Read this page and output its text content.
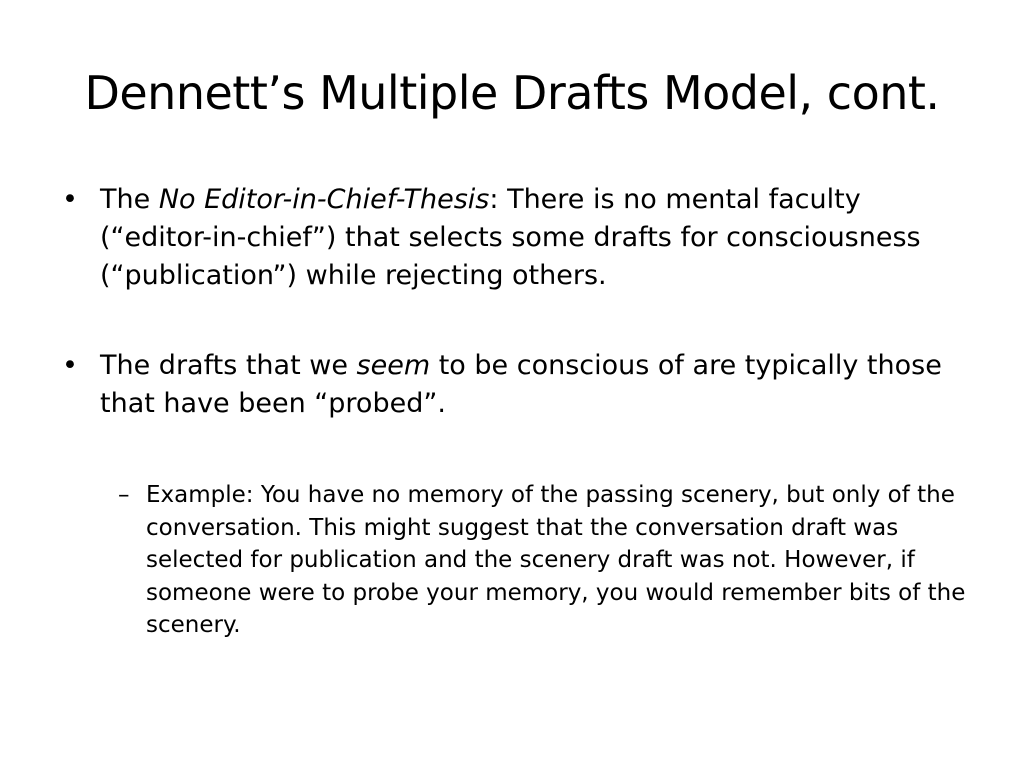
Dennett’s Multiple Drafts Model, cont.
• The No Editor-in-Chief-Thesis: There is no mental faculty (“editor-in-chief”) that selects some drafts for consciousness (“publication”) while rejecting others.
• The drafts that we seem to be conscious of are typically those that have been “probed”.
– Example: You have no memory of the passing scenery, but only of the conversation. This might suggest that the conversation draft was selected for publication and the scenery draft was not. However, if someone were to probe your memory, you would remember bits of the scenery.
